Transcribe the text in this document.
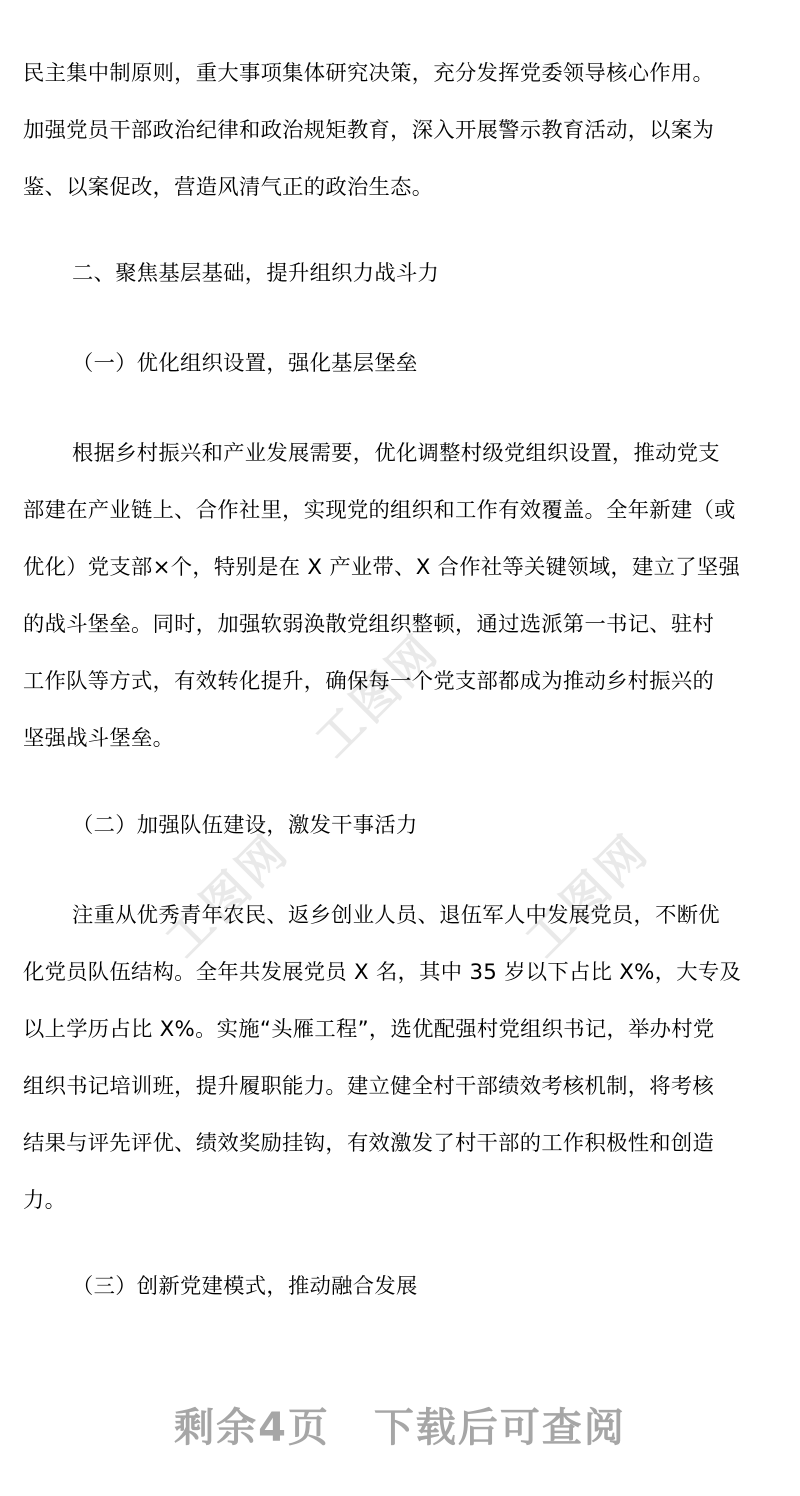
工图网
工图网	工图网
民主集中制原则，重大事项集体研究决策，充分发挥党委领导核心作用。
加强党员干部政治纪律和政治规矩教育，深入开展警示教育活动，以案为
鉴、以案促改，营造风清气正的政治生态。
二、聚焦基层基础，提升组织力战斗力
（一）优化组织设置，强化基层堡垒
根据乡村振兴和产业发展需要，优化调整村级党组织设置，推动党支
部建在产业链上、合作社里，实现党的组织和工作有效覆盖。全年新建（或
优化）党支部×个，特别是在 X 产业带、X 合作社等关键领域，建立了坚强
的战斗堡垒。同时，加强软弱涣散党组织整顿，通过选派第一书记、驻村
工作队等方式，有效转化提升，确保每一个党支部都成为推动乡村振兴的
坚强战斗堡垒。
（二）加强队伍建设，激发干事活力
注重从优秀青年农民、返乡创业人员、退伍军人中发展党员，不断优
化党员队伍结构。全年共发展党员 X 名，其中 35 岁以下占比 X%，大专及
以上学历占比 X%。实施“头雁工程”，选优配强村党组织书记，举办村党
组织书记培训班，提升履职能力。建立健全村干部绩效考核机制，将考核
结果与评先评优、绩效奖励挂钩，有效激发了村干部的工作积极性和创造
力。
（三）创新党建模式，推动融合发展
剩余4页 下载后可查阅
